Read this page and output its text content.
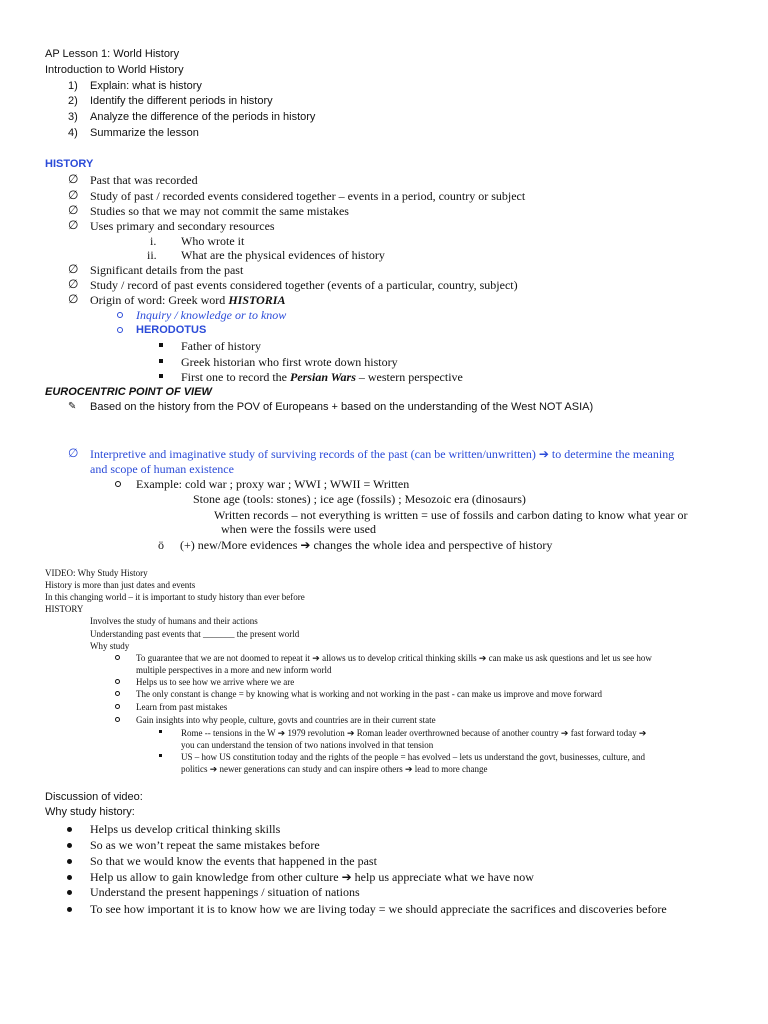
AP Lesson 1: World History
Introduction to World History
1) Explain: what is history
2) Identify the different periods in history
3) Analyze the difference of the periods in history
4) Summarize the lesson
HISTORY
∅ Past that was recorded
∅ Study of past / recorded events considered together – events in a period, country or subject
∅ Studies so that we may not commit the same mistakes
∅ Uses primary and secondary resources
i. Who wrote it
ii. What are the physical evidences of history
∅ Significant details from the past
∅ Study / record of past events considered together (events of a particular, country, subject)
∅ Origin of word: Greek word HISTORIA
Inquiry / knowledge or to know
HERODOTUS
Father of history
Greek historian who first wrote down history
First one to record the Persian Wars – western perspective
EUROCENTRIC POINT OF VIEW
✎ Based on the history from the POV of Europeans + based on the understanding of the West NOT ASIA)
∅ Interpretive and imaginative study of surviving records of the past (can be written/unwritten) ➔ to determine the meaning
and scope of human existence
Example: cold war ; proxy war ; WWI ; WWII = Written
Stone age (tools: stones) ; ice age (fossils) ; Mesozoic era (dinosaurs)
Written records – not everything is written = use of fossils and carbon dating to know what year or
when were the fossils were used
ö (+) new/More evidences ➔ changes the whole idea and perspective of history
VIDEO: Why Study History
History is more than just dates and events
In this changing world – it is important to study history than ever before
HISTORY
Involves the study of humans and their actions
Understanding past events that _______ the present world
Why study
To guarantee that we are not doomed to repeat it ➔ allows us to develop critical thinking skills ➔ can make us ask questions and let us see how
multiple perspectives in a more and new inform world
Helps us to see how we arrive where we are
The only constant is change = by knowing what is working and not working in the past - can make us improve and move forward
Learn from past mistakes
Gain insights into why people, culture, govts and countries are in their current state
Rome -- tensions in the W ➔ 1979 revolution ➔ Roman leader overthrowned because of another country ➔ fast forward today ➔
you can understand the tension of two nations involved in that tension
US – how US constitution today and the rights of the people = has evolved – lets us understand the govt, businesses, culture, and
politics ➔ newer generations can study and can inspire others ➔ lead to more change
Discussion of video:
Why study history:
Helps us develop critical thinking skills
So as we won’t repeat the same mistakes before
So that we would know the events that happened in the past
Help us allow to gain knowledge from other culture ➔ help us appreciate what we have now
Understand the present happenings / situation of nations
To see how important it is to know how we are living today = we should appreciate the sacrifices and discoveries before
